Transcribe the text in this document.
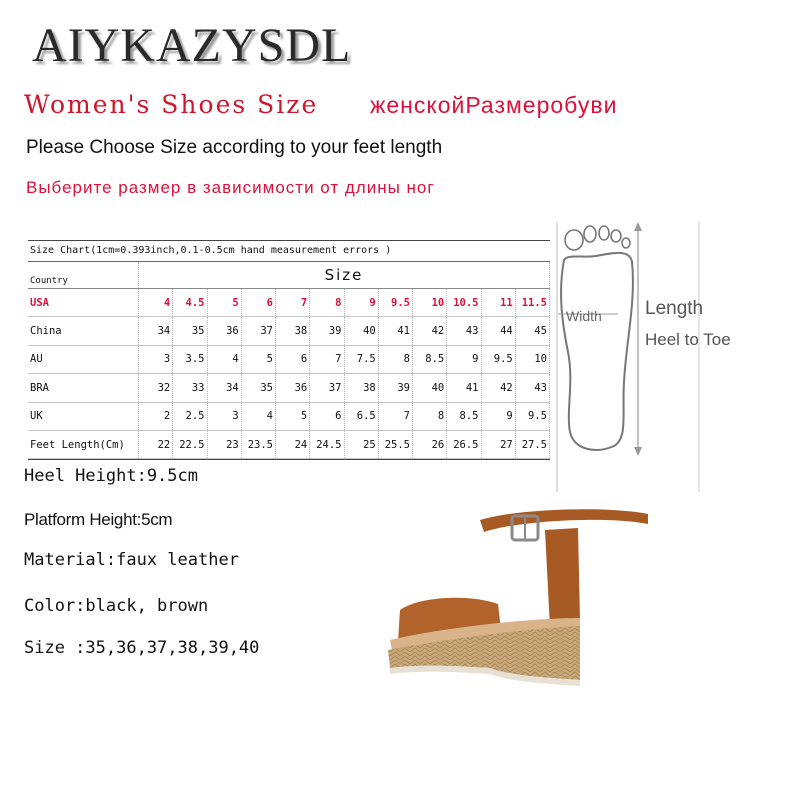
AIYKAZYSDL
Women's Shoes Size женскойРазмеробуви
Please Choose Size according to your feet length
Выберите размер в зависимости от длины ног
Size Chart(1cm=0.393inch,0.1-0.5cm hand measurement errors )
Country	Size											
USA	4	4.5	5	6	7	8	9	9.5	10	10.5	11	11.5
China	34	35	36	37	38	39	40	41	42	43	44	45
AU	3	3.5	4	5	6	7	7.5	8	8.5	9	9.5	10
BRA	32	33	34	35	36	37	38	39	40	41	42	43
UK	2	2.5	3	4	5	6	6.5	7	8	8.5	9	9.5
Feet Length(Cm)	22	22.5	23	23.5	24	24.5	25	25.5	26	26.5	27	27.5
Width Length
Heel to Toe
Heel Height:9.5cm
Platform Height:5cm
Material:faux leather
Color:black, brown
Size :35,36,37,38,39,40
